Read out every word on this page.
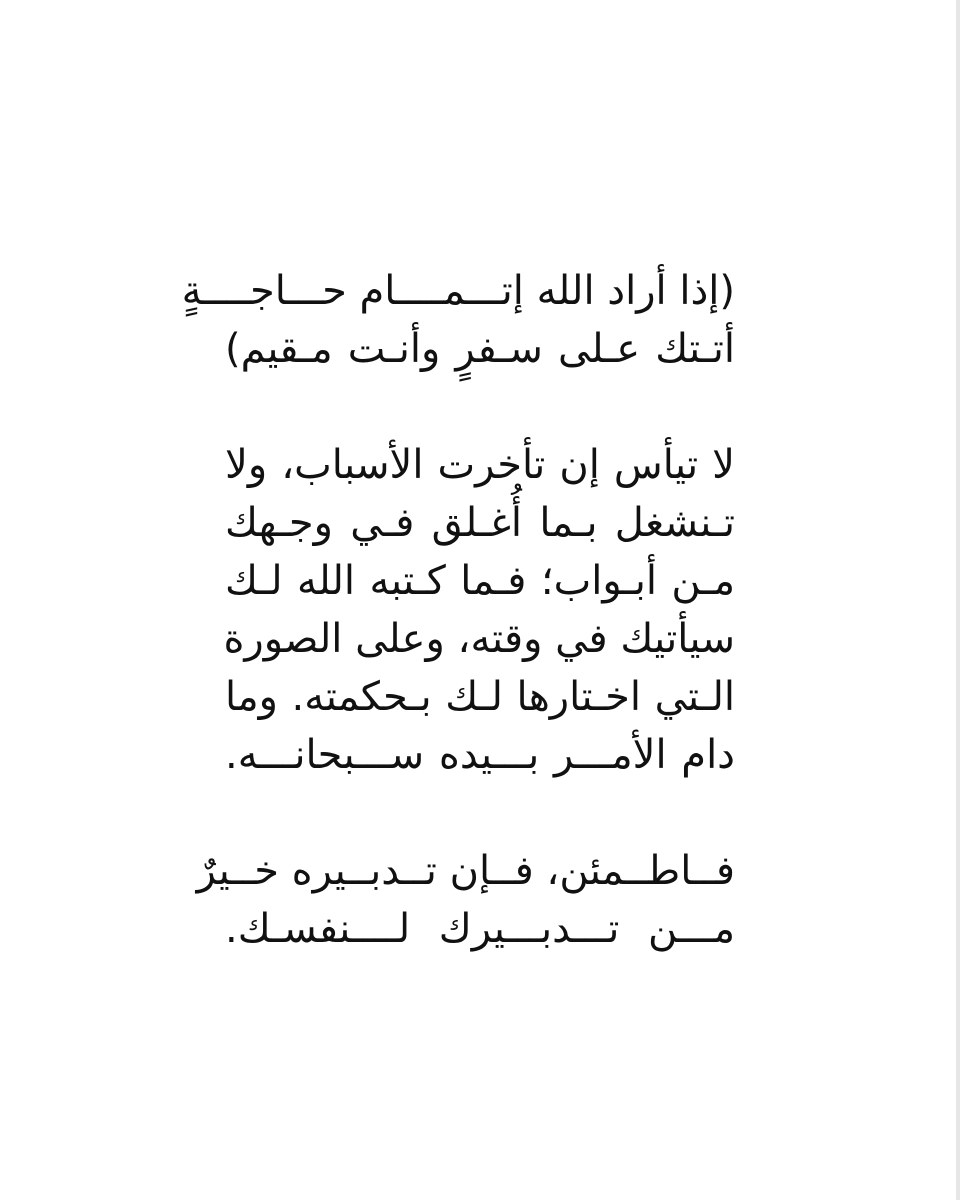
(إذا أراد الله إتـــمــــام حـــاجــــةٍ
أتـتك عـلى سـفرٍ وأنـت مـقيم)

لا تيأس إن تأخرت الأسباب، ولا
تـنشغل بـما أُغـلق فـي وجـهك
مـن أبـواب؛ فـما كـتبه الله لـك
سيأتيك في وقته، وعلى الصورة
الـتي اخـتارها لـك بـحكمته. وما
دام الأمـــر بـــيده ســـبحانـــه.

فــاطــمئن، فــإن تــدبــيره خــيرٌ
مـــن تـــدبـــيرك لــــنفسـك.
